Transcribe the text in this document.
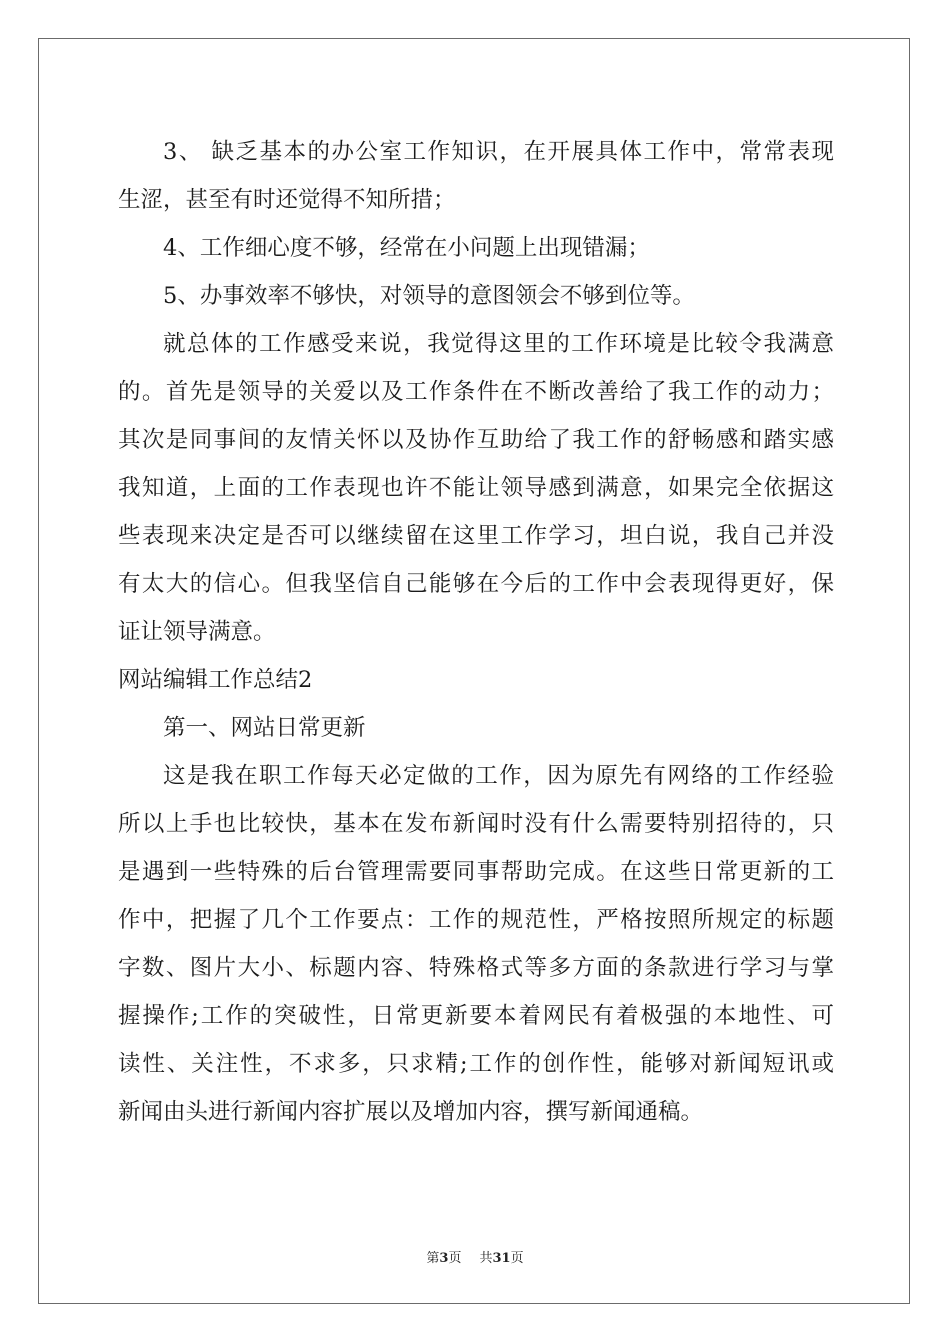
3、 缺乏基本的办公室工作知识，在开展具体工作中，常常表现
生涩，甚至有时还觉得不知所措；
4、工作细心度不够，经常在小问题上出现错漏；
5、办事效率不够快，对领导的意图领会不够到位等。
就总体的工作感受来说，我觉得这里的工作环境是比较令我满意
的。首先是领导的关爱以及工作条件在不断改善给了我工作的动力；
其次是同事间的友情关怀以及协作互助给了我工作的舒畅感和踏实感
我知道，上面的工作表现也许不能让领导感到满意，如果完全依据这
些表现来决定是否可以继续留在这里工作学习，坦白说，我自己并没
有太大的信心。但我坚信自己能够在今后的工作中会表现得更好，保
证让领导满意。
网站编辑工作总结2
第一、网站日常更新
这是我在职工作每天必定做的工作，因为原先有网络的工作经验
所以上手也比较快，基本在发布新闻时没有什么需要特别招待的，只
是遇到一些特殊的后台管理需要同事帮助完成。在这些日常更新的工
作中，把握了几个工作要点：工作的规范性，严格按照所规定的标题
字数、图片大小、标题内容、特殊格式等多方面的条款进行学习与掌
握操作;工作的突破性，日常更新要本着网民有着极强的本地性、可
读性、关注性，不求多，只求精;工作的创作性，能够对新闻短讯或
新闻由头进行新闻内容扩展以及增加内容，撰写新闻通稿。
第3页 共31页
